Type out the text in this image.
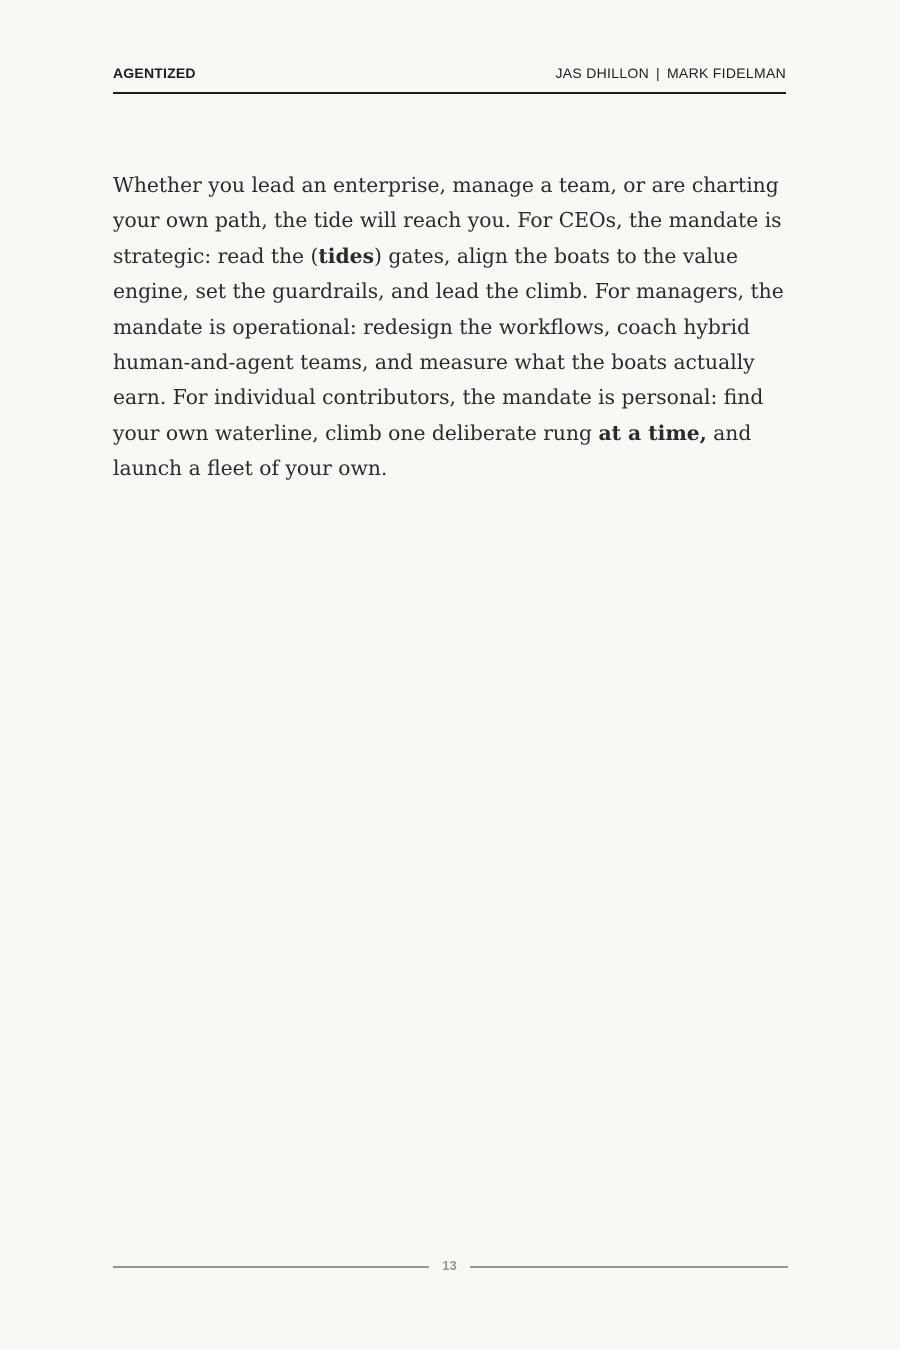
AGENTIZED	JAS DHILLON | MARK FIDELMAN

Whether you lead an enterprise, manage a team, or are charting your own path, the tide will reach you. For CEOs, the mandate is strategic: read the (tides) gates, align the boats to the value engine, set the guardrails, and lead the climb. For managers, the mandate is operational: redesign the workflows, coach hybrid human-and-agent teams, and measure what the boats actually earn. For individual contributors, the mandate is personal: find your own waterline, climb one deliberate rung at a time, and launch a fleet of your own.

13
